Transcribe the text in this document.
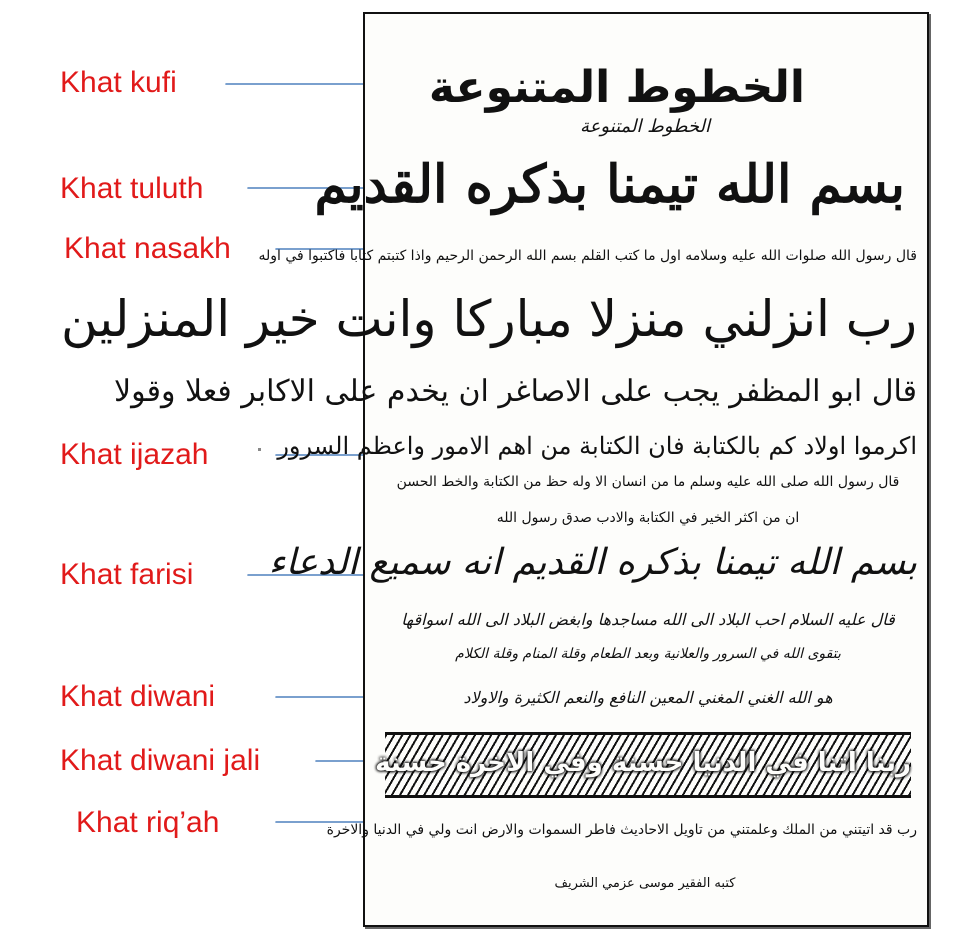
Khat kufi
Khat tuluth
Khat nasakh
Khat ijazah
Khat farisi
Khat diwani
Khat diwani jali
Khat riq’ah
الخطوط المتنوعة
الخطوط المتنوعة
بسم الله تيمنا بذكره القديم
قال رسول الله صلوات الله عليه وسلامه اول ما كتب القلم بسم الله الرحمن الرحيم واذا كتبتم كتابا فاكتبوا في اوله
رب انزلني منزلا مباركا وانت خير المنزلين
قال ابو المظفر يجب على الاصاغر ان يخدم على الاكابر فعلا وقولا
اكرموا اولاد كم بالكتابة فان الكتابة من اهم الامور واعظم السرور
قال رسول الله صلى الله عليه وسلم ما من انسان الا وله حظ من الكتابة والخط الحسن
ان من اكثر الخير في الكتابة والادب صدق رسول الله
بسم الله تيمنا بذكره القديم انه سميع الدعاء
قال عليه السلام احب البلاد الى الله مساجدها وابغض البلاد الى الله اسواقها
بتقوى الله في السرور والعلانية وبعد الطعام وقلة المنام وقلة الكلام
هو الله الغني المغني المعين النافع والنعم الكثيرة والاولاد
ربنا اتنا في الدنيا حسنة وفي الاخرة حسنة
رب قد اتيتني من الملك وعلمتني من تاويل الاحاديث فاطر السموات والارض انت ولي في الدنيا والاخرة
كتبه الفقير موسى عزمي الشريف
